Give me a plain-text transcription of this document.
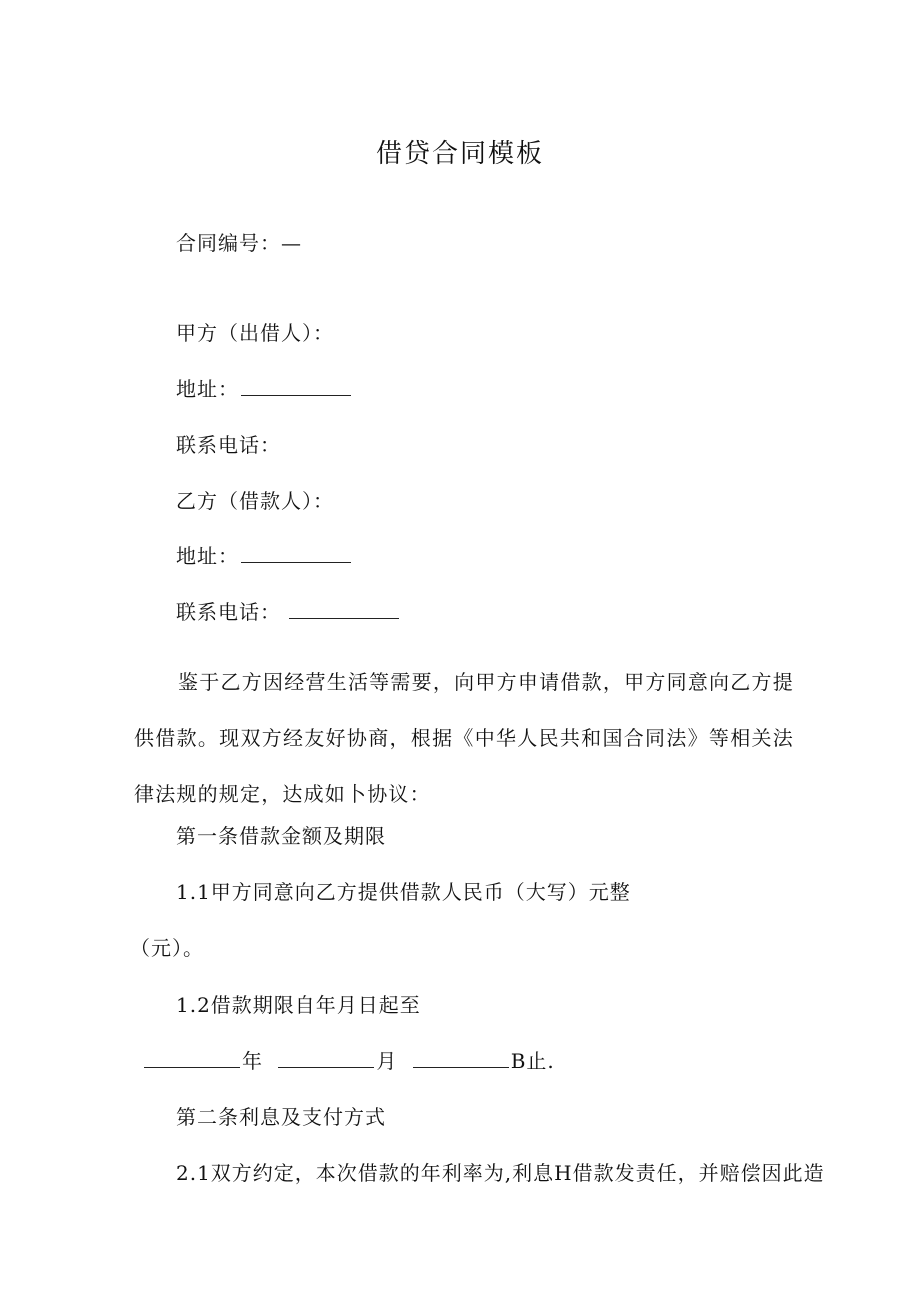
借贷合同模板
合同编号：—
甲方（出借人）：
地址：
联系电话：
乙方（借款人）：
地址：
联系电话：
鉴于乙方因经营生活等需要，向甲方申请借款，甲方同意向乙方提供借款。现双方经友好协商，根据《中华人民共和国合同法》等相关法律法规的规定，达成如卜协议：
第一条借款金额及期限
1.1甲方同意向乙方提供借款人民币（大写）元整
（元）。
1.2借款期限自年月日起至
年	月	B止.
第二条利息及支付方式
2.1双方约定，本次借款的年利率为,利息H借款发责任，并赔偿因此造
